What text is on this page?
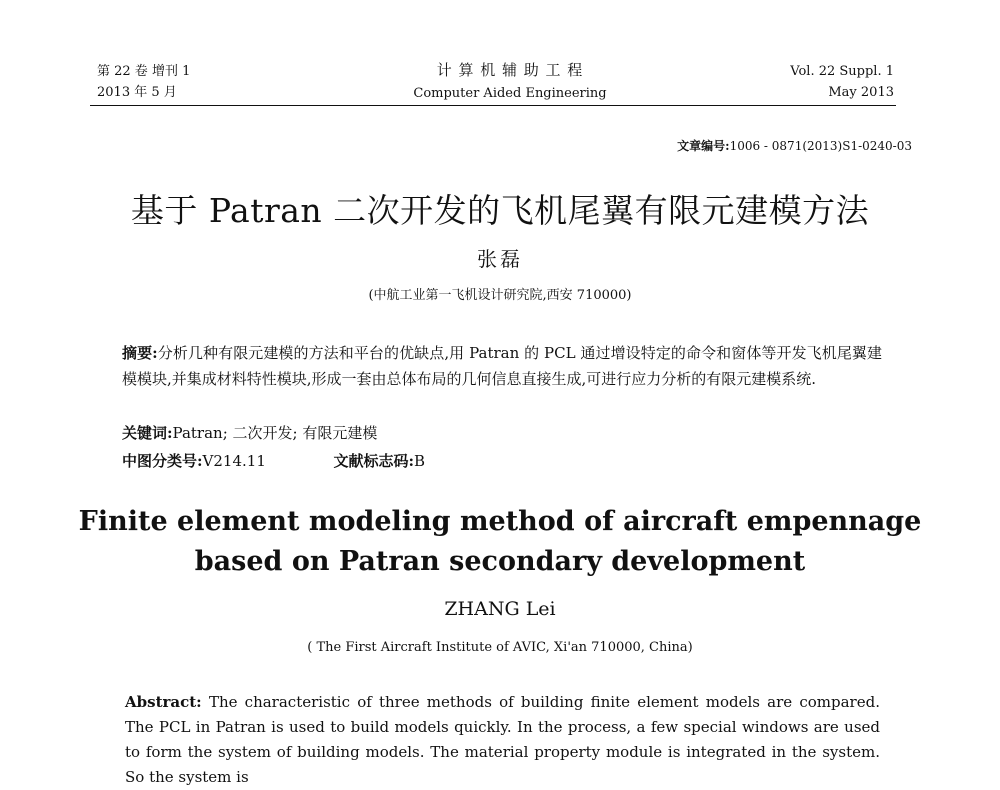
第 22 卷 增刊 1
2013 年 5 月
计 算 机 辅 助 工 程
Computer Aided Engineering
Vol. 22 Suppl. 1
May 2013
文章编号:1006 - 0871(2013)S1-0240-03
基于 Patran 二次开发的飞机尾翼有限元建模方法
张磊
(中航工业第一飞机设计研究院,西安 710000)
摘要:分析几种有限元建模的方法和平台的优缺点,用 Patran 的 PCL 通过增设特定的命令和窗体等开发飞机尾翼建模模块,并集成材料特性模块,形成一套由总体布局的几何信息直接生成,可进行应力分析的有限元建模系统.
关键词:Patran; 二次开发; 有限元建模
中图分类号:V214.11	文献标志码:B
Finite element modeling method of aircraft empennage
based on Patran secondary development
ZHANG Lei
( The First Aircraft Institute of AVIC, Xi'an 710000, China)
Abstract: The characteristic of three methods of building finite element models are compared. The PCL in Patran is used to build models quickly. In the process, a few special windows are used to form the system of building models. The material property module is integrated in the system. So the system is
